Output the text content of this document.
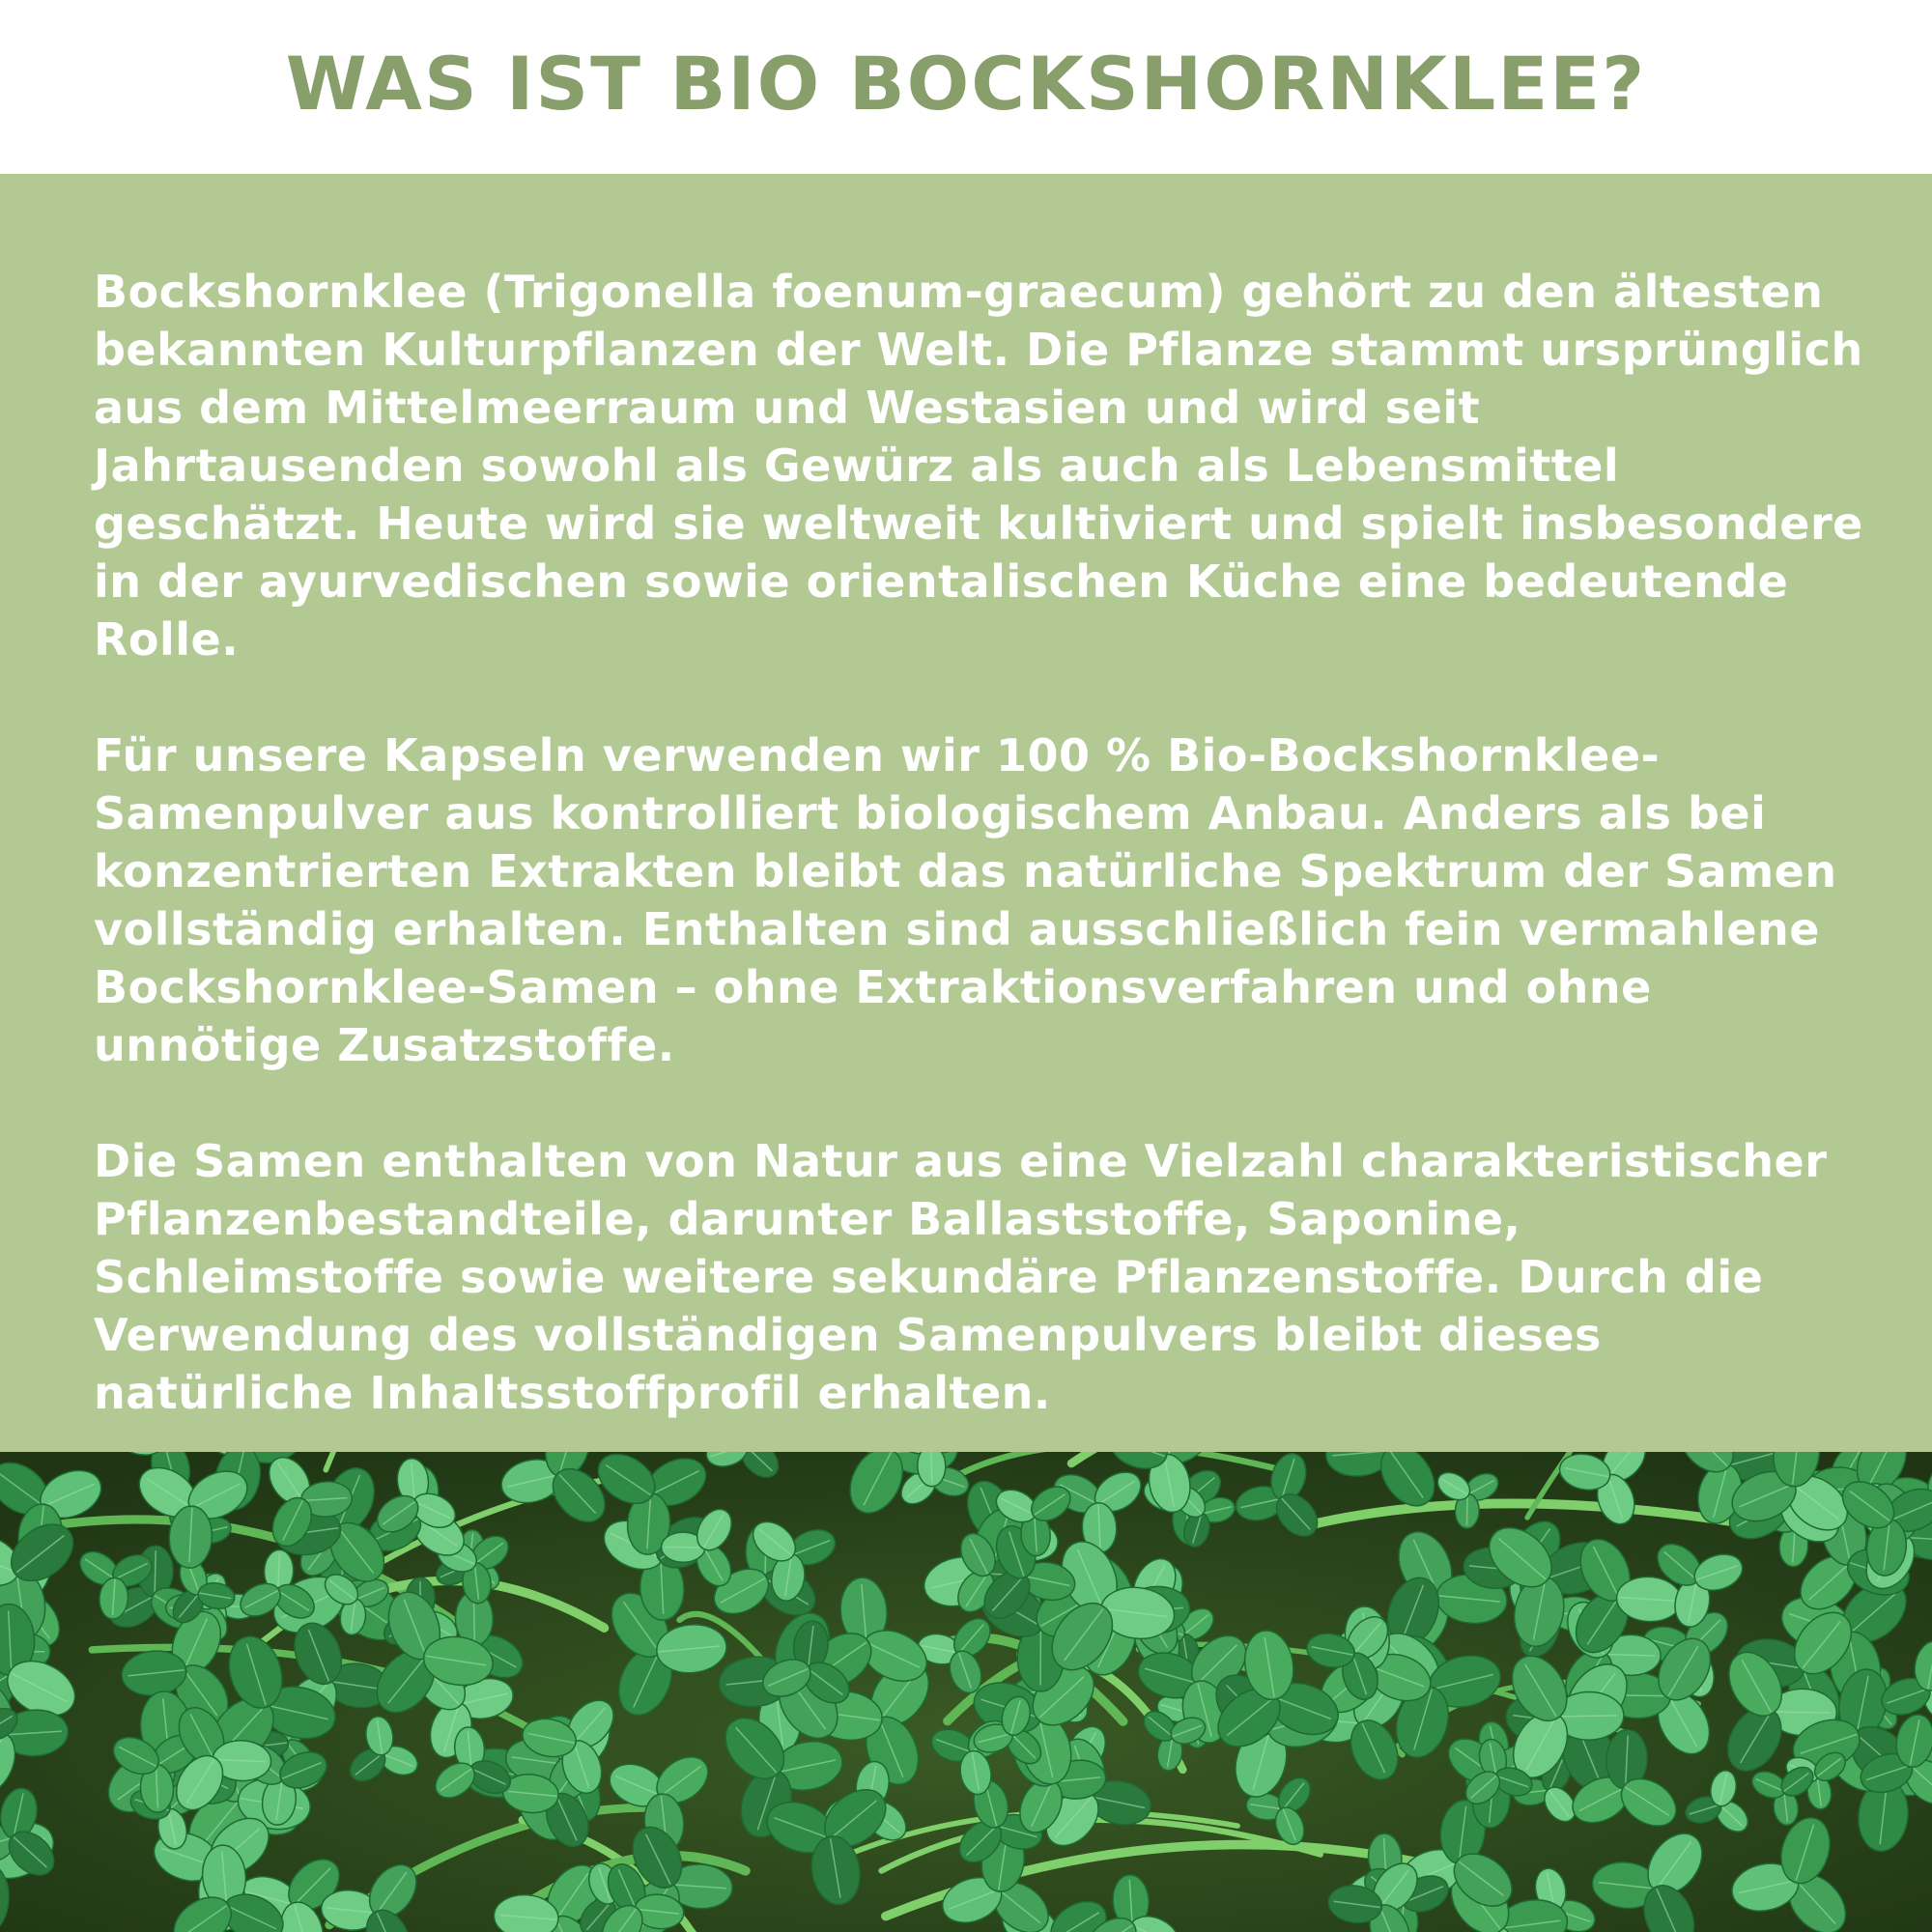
WAS IST BIO BOCKSHORNKLEE?

Bockshornklee (Trigonella foenum-graecum) gehört zu den ältesten bekannten Kulturpflanzen der Welt. Die Pflanze stammt ursprünglich aus dem Mittelmeerraum und Westasien und wird seit Jahrtausenden sowohl als Gewürz als auch als Lebensmittel geschätzt. Heute wird sie weltweit kultiviert und spielt insbesondere in der ayurvedischen sowie orientalischen Küche eine bedeutende Rolle.

Für unsere Kapseln verwenden wir 100 % Bio-Bockshornklee-Samenpulver aus kontrolliert biologischem Anbau. Anders als bei konzentrierten Extrakten bleibt das natürliche Spektrum der Samen vollständig erhalten. Enthalten sind ausschließlich fein vermahlene Bockshornklee-Samen – ohne Extraktionsverfahren und ohne unnötige Zusatzstoffe.

Die Samen enthalten von Natur aus eine Vielzahl charakteristischer Pflanzenbestandteile, darunter Ballaststoffe, Saponine, Schleimstoffe sowie weitere sekundäre Pflanzenstoffe. Durch die Verwendung des vollständigen Samenpulvers bleibt dieses natürliche Inhaltsstoffprofil erhalten.
